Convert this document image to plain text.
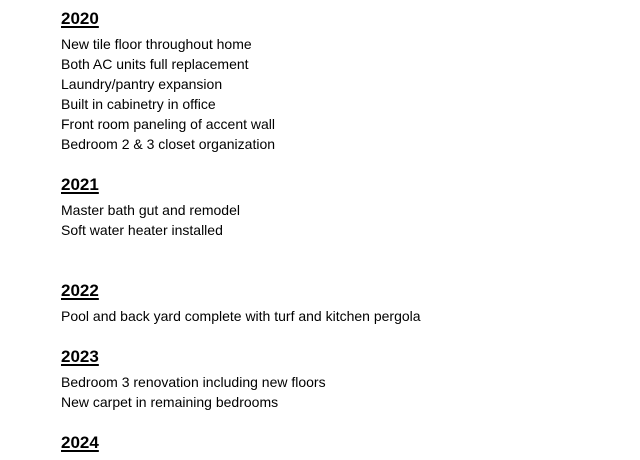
2020
New tile floor throughout home
Both AC units full replacement
Laundry/pantry expansion
Built in cabinetry in office
Front room paneling of accent wall
Bedroom 2 & 3 closet organization
2021
Master bath gut and remodel
Soft water heater installed
2022
Pool and back yard complete with turf and kitchen pergola
2023
Bedroom 3 renovation including new floors
New carpet in remaining bedrooms
2024
